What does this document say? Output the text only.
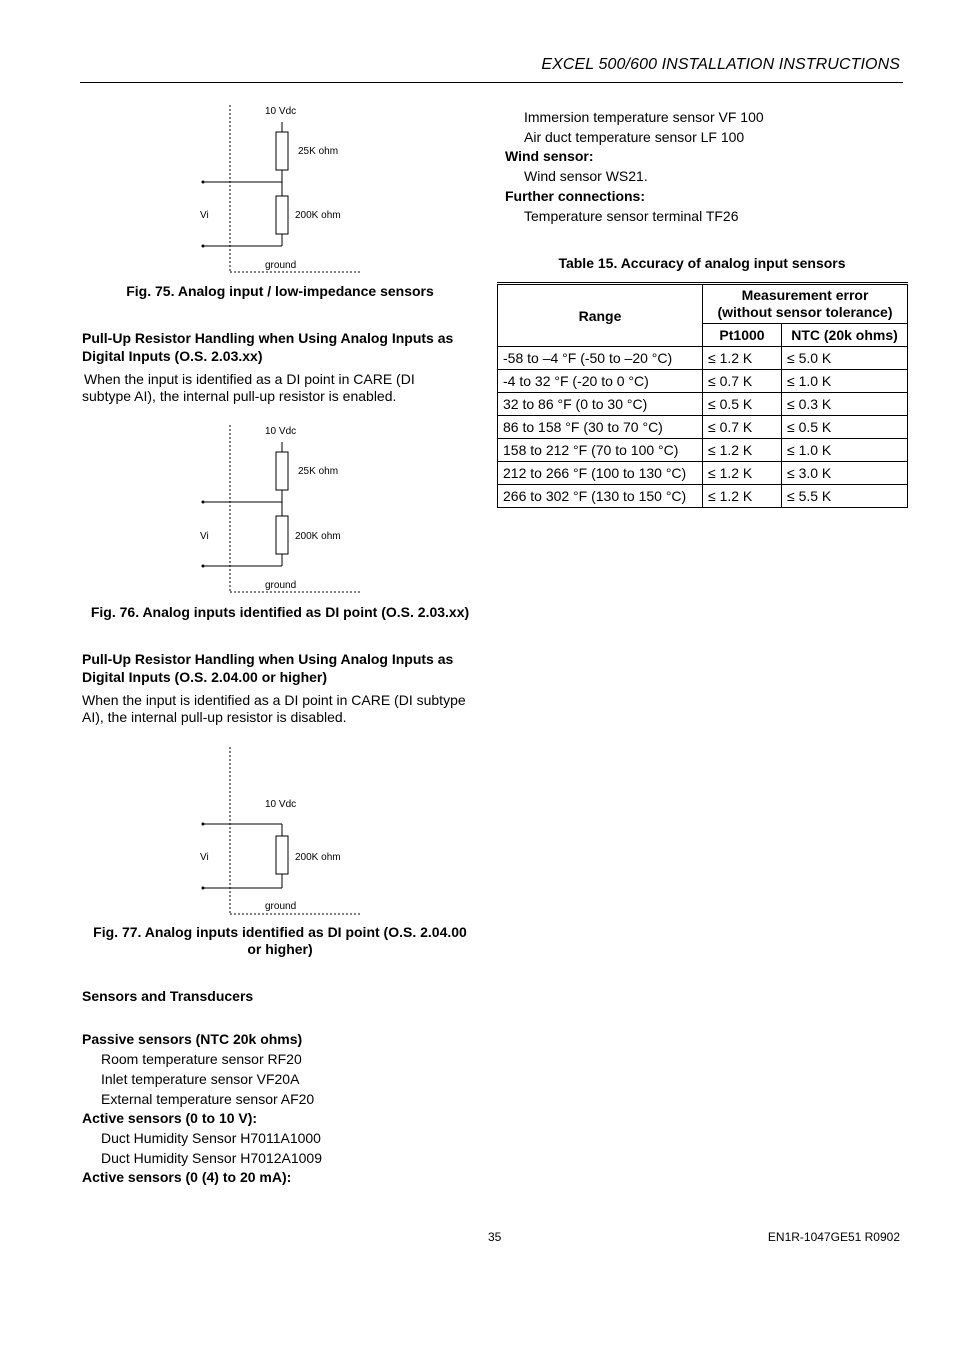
EXCEL 500/600 INSTALLATION INSTRUCTIONS
10 Vdc
25K ohm
200K ohm
Vi
ground
Fig. 75. Analog input / low-impedance sensors
Pull-Up Resistor Handling when Using Analog Inputs as
Digital Inputs (O.S. 2.03.xx)
When the input is identified as a DI point in CARE (DI
subtype AI), the internal pull-up resistor is enabled.
10 Vdc
25K ohm
200K ohm
Vi
ground
Fig. 76. Analog inputs identified as DI point (O.S. 2.03.xx)
Pull-Up Resistor Handling when Using Analog Inputs as
Digital Inputs (O.S. 2.04.00 or higher)
When the input is identified as a DI point in CARE (DI subtype
AI), the internal pull-up resistor is disabled.
10 Vdc
200K ohm
Vi
ground
Fig. 77. Analog inputs identified as DI point (O.S. 2.04.00
or higher)
Sensors and Transducers
Passive sensors (NTC 20k ohms)
Room temperature sensor RF20
Inlet temperature sensor VF20A
External temperature sensor AF20
Active sensors (0 to 10 V):
Duct Humidity Sensor H7011A1000
Duct Humidity Sensor H7012A1009
Active sensors (0 (4) to 20 mA):
Immersion temperature sensor VF 100
Air duct temperature sensor LF 100
Wind sensor:
Wind sensor WS21.
Further connections:
Temperature sensor terminal TF26
Table 15. Accuracy of analog input sensors
Range	Measurement error
(without sensor tolerance)	

	Pt1000	NTC (20k ohms)
-58 to –4 °F (-50 to –20 °C)	≤ 1.2 K	≤ 5.0 K
-4 to 32 °F (-20 to 0 °C)	≤ 0.7 K	≤ 1.0 K
32 to 86 °F (0 to 30 °C)	≤ 0.5 K	≤ 0.3 K
86 to 158 °F (30 to 70 °C)	≤ 0.7 K	≤ 0.5 K
158 to 212 °F (70 to 100 °C)	≤ 1.2 K	≤ 1.0 K
212 to 266 °F (100 to 130 °C)	≤ 1.2 K	≤ 3.0 K
266 to 302 °F (130 to 150 °C)	≤ 1.2 K	≤ 5.5 K
35	EN1R-1047GE51 R0902
